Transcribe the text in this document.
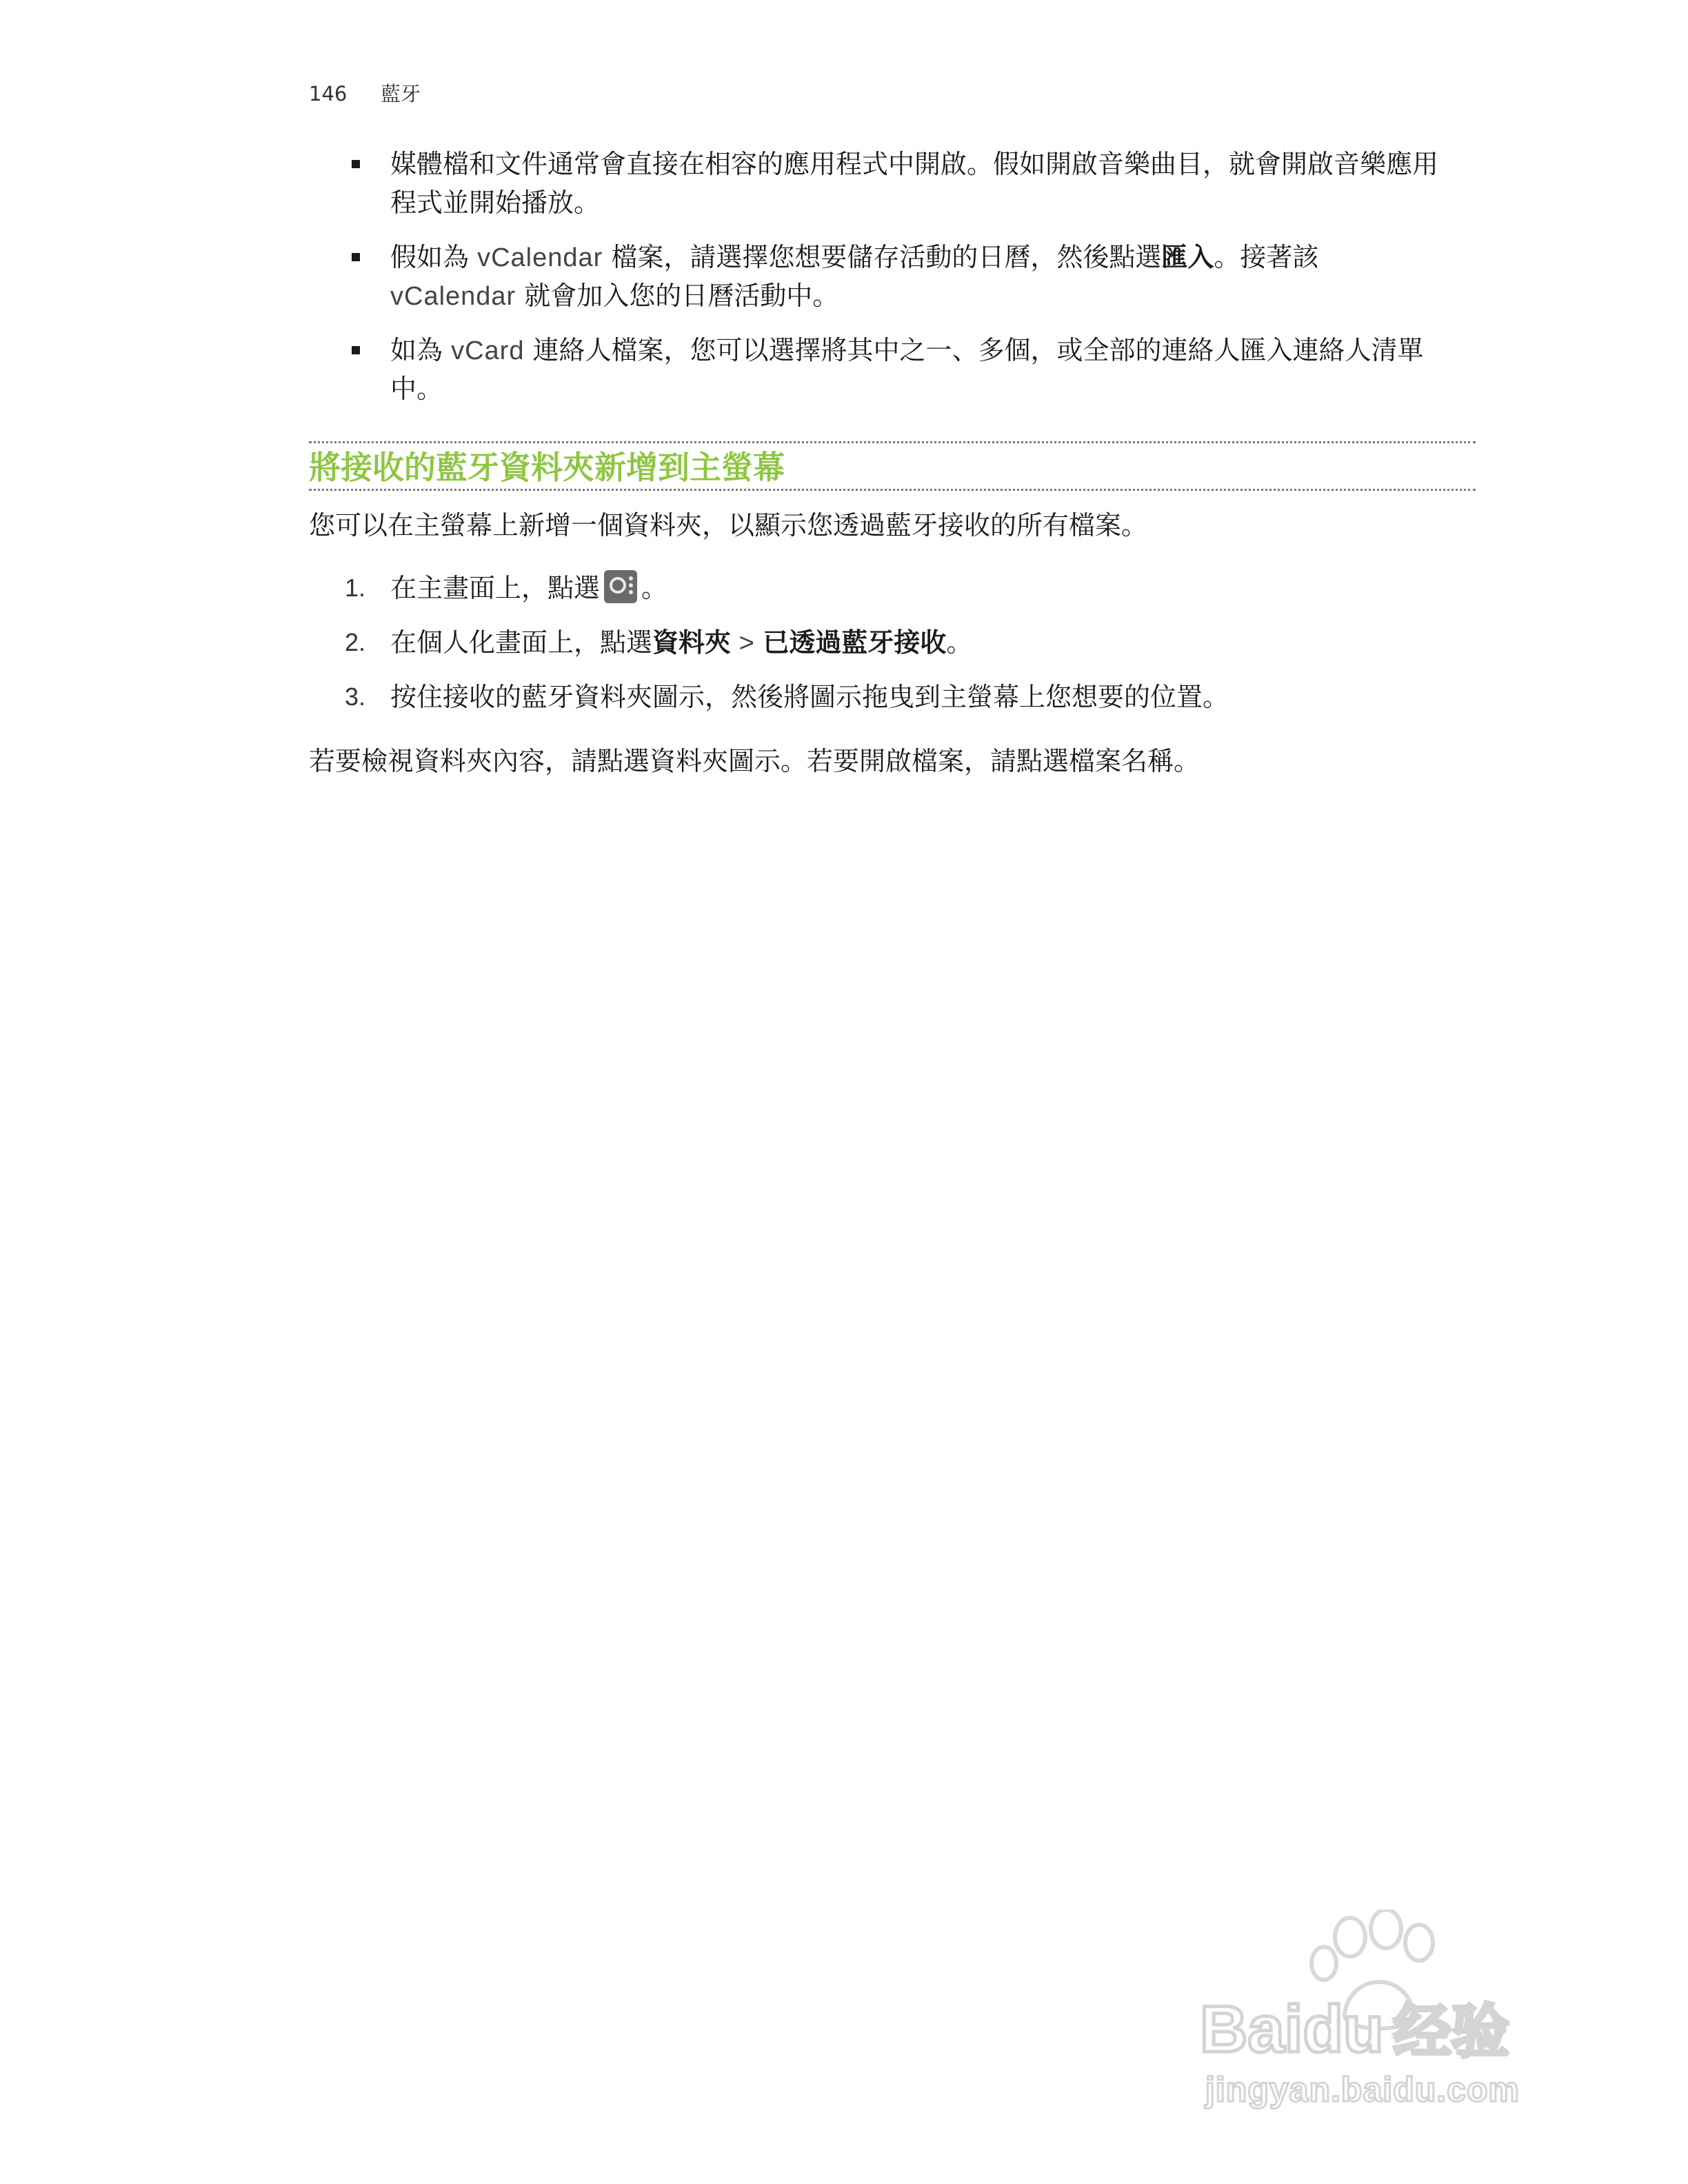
146 藍牙
媒體檔和文件通常會直接在相容的應用程式中開啟。假如開啟音樂曲目，就會開啟音樂應用
程式並開始播放。
假如為 vCalendar 檔案，請選擇您想要儲存活動的日曆，然後點選匯入。接著該
vCalendar 就會加入您的日曆活動中。
如為 vCard 連絡人檔案，您可以選擇將其中之一、多個，或全部的連絡人匯入連絡人清單
中。
將接收的藍牙資料夾新增到主螢幕
您可以在主螢幕上新增一個資料夾，以顯示您透過藍牙接收的所有檔案。
1. 在主畫面上，點選 。
2. 在個人化畫面上，點選資料夾 > 已透過藍牙接收。
3. 按住接收的藍牙資料夾圖示，然後將圖示拖曳到主螢幕上您想要的位置。
若要檢視資料夾內容，請點選資料夾圖示。若要開啟檔案，請點選檔案名稱。
Baidu 经验
jingyan.baidu.com
